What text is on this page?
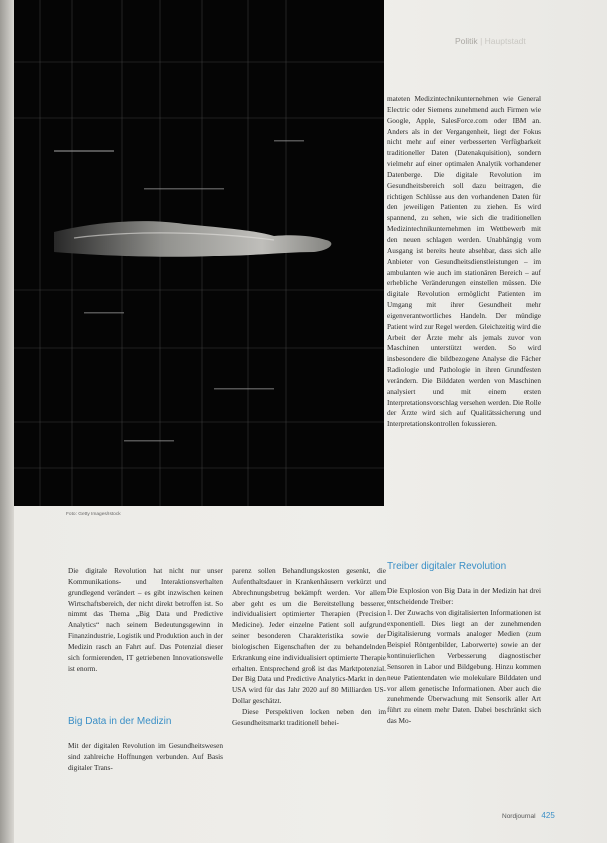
Politik | Hauptstadt
Foto: Getty Images/Istock

Die digitale Revolution hat nicht nur unser Kommunikations- und Interaktionsverhalten grundlegend verändert – es gibt inzwischen keinen Wirtschaftsbereich, der nicht direkt betroffen ist. So nimmt das Thema „Big Data und Predictive Analytics“ nach seinem Bedeutungsgewinn in Finanzindustrie, Logistik und Produktion auch in der Medizin rasch an Fahrt auf. Das Potenzial dieser sich formierenden, IT getriebenen Innovationswelle ist enorm.

Big Data in der Medizin

Mit der digitalen Revolution im Gesundheitswesen sind zahlreiche Hoffnungen verbunden. Auf Basis digitaler Trans-

parenz sollen Behandlungskosten gesenkt, die Aufenthaltsdauer in Krankenhäusern verkürzt und Abrechnungsbetrug bekämpft werden. Vor allem aber geht es um die Bereitstellung besserer, individualisiert optimierter Therapien (Precision Medicine). Jeder einzelne Patient soll aufgrund seiner besonderen Charakteristika sowie der biologischen Eigenschaften der zu behandelnden Erkrankung eine individualisiert optimierte Therapie erhalten. Entsprechend groß ist das Marktpotenzial. Der Big Data und Predictive Analytics-Markt in den USA wird für das Jahr 2020 auf 80 Milliarden US-Dollar geschätzt.

Diese Perspektiven locken neben den im Gesundheitsmarkt traditionell behei-

mateten Medizintechnikunternehmen wie General Electric oder Siemens zunehmend auch Firmen wie Google, Apple, SalesForce.com oder IBM an. Anders als in der Vergangenheit, liegt der Fokus nicht mehr auf einer verbesserten Verfügbarkeit traditioneller Daten (Datenakquisition), sondern vielmehr auf einer optimalen Analytik vorhandener Datenberge. Die digitale Revolution im Gesundheitsbereich soll dazu beitragen, die richtigen Schlüsse aus den vorhandenen Daten für den jeweiligen Patienten zu ziehen. Es wird spannend, zu sehen, wie sich die traditionellen Medizintechnikunternehmen im Wettbewerb mit den neuen schlagen werden. Unabhängig vom Ausgang ist bereits heute absehbar, dass sich alle Anbieter von Gesundheitsdienstleistungen – im ambulanten wie auch im stationären Bereich – auf erhebliche Veränderungen einstellen müssen. Die digitale Revolution ermöglicht Patienten im Umgang mit ihrer Gesundheit mehr eigenverantwortliches Handeln. Der mündige Patient wird zur Regel werden. Gleichzeitig wird die Arbeit der Ärzte mehr als jemals zuvor von Maschinen unterstützt werden. So wird insbesondere die bildbezogene Analyse die Fächer Radiologie und Pathologie in ihren Grundfesten verändern. Die Bilddaten werden von Maschinen analysiert und mit einem ersten Interpretationsvorschlag versehen werden. Die Rolle der Ärzte wird sich auf Qualitätssicherung und Interpretationskontrollen fokussieren.

Treiber digitaler Revolution

Die Explosion von Big Data in der Medizin hat drei entscheidende Treiber:

1. Der Zuwachs von digitalisierten Informationen ist exponentiell. Dies liegt an der zunehmenden Digitalisierung vormals analoger Medien (zum Beispiel Röntgenbilder, Laborwerte) sowie an der kontinuierlichen Verbesserung diagnostischer Sensoren in Labor und Bildgebung. Hinzu kommen neue Patientendaten wie molekulare Bilddaten und vor allem genetische Informationen. Aber auch die zunehmende Überwachung mit Sensorik aller Art führt zu einem mehr Daten. Dabei beschränkt sich das Mo-

Nordjournal 425
